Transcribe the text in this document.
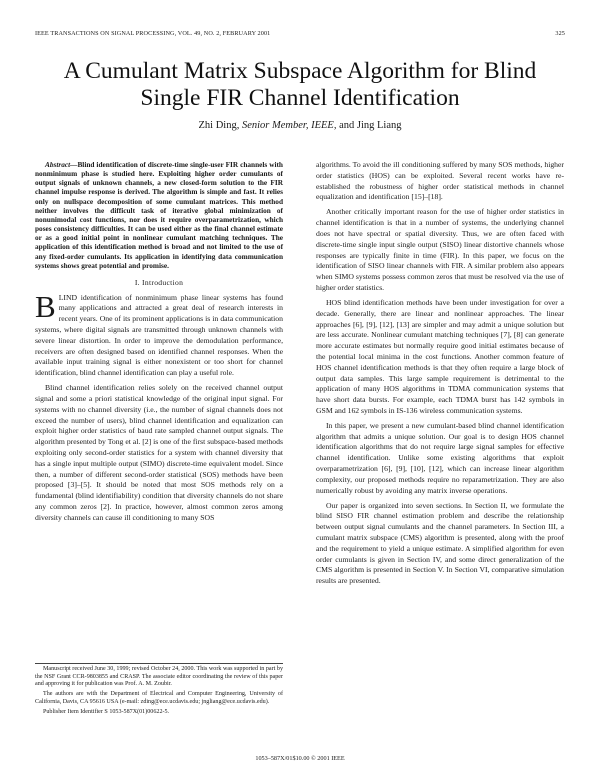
IEEE TRANSACTIONS ON SIGNAL PROCESSING, VOL. 49, NO. 2, FEBRUARY 2001	325
A Cumulant Matrix Subspace Algorithm for Blind
Single FIR Channel Identification
Zhi Ding, Senior Member, IEEE, and Jing Liang
Abstract—Blind identification of discrete-time single-user FIR channels with nonminimum phase is studied here. Exploiting higher order cumulants of output signals of unknown channels, a new closed-form solution to the FIR channel impulse response is derived. The algorithm is simple and fast. It relies only on nullspace decomposition of some cumulant matrices. This method neither involves the difficult task of iterative global minimization of nonunimodal cost functions, nor does it require overparametrization, which poses consistency difficulties. It can be used either as the final channel estimate or as a good initial point in nonlinear cumulant matching techniques. The application of this identification method is broad and not limited to the use of any fixed-order cumulants. Its application in identifying data communication systems shows great potential and promise.
I. Introduction

BLIND identification of nonminimum phase linear systems has found many applications and attracted a great deal of research interests in recent years. One of its prominent applications is in data communication systems, where digital signals are transmitted through unknown channels with severe linear distortion. In order to improve the demodulation performance, receivers are often designed based on identified channel responses. When the available input training signal is either nonexistent or too short for channel identification, blind channel identification can play a useful role.

Blind channel identification relies solely on the received channel output signal and some a priori statistical knowledge of the original input signal. For systems with no channel diversity (i.e., the number of signal channels does not exceed the number of users), blind channel identification and equalization can exploit higher order statistics of baud rate sampled channel output signals. The algorithm presented by Tong et al. [2] is one of the first subspace-based methods exploiting only second-order statistics for a system with channel diversity that has a single input multiple output (SIMO) discrete-time equivalent model. Since then, a number of different second-order statistical (SOS) methods have been proposed [3]–[5]. It should be noted that most SOS methods rely on a fundamental (blind identifiability) condition that diversity channels do not share any common zeros [2]. In practice, however, almost common zeros among diversity channels can cause ill conditioning to many SOS

Manuscript received June 30, 1999; revised October 24, 2000. This work was supported in part by the NSF Grant CCR-9803855 and CRASP. The associate editor coordinating the review of this paper and approving it for publication was Prof. A. M. Zoubir.

The authors are with the Department of Electrical and Computer Engineering, University of California, Davis, CA 95616 USA (e-mail: zding@ece.ucdavis.edu; jngliang@ece.ucdavis.edu).

Publisher Item Identifier S 1053-587X(01)00622-5.

algorithms. To avoid the ill conditioning suffered by many SOS methods, higher order statistics (HOS) can be exploited. Several recent works have re-established the robustness of higher order statistical methods in channel equalization and identification [15]–[18].

Another critically important reason for the use of higher order statistics in channel identification is that in a number of systems, the underlying channel does not have spectral or spatial diversity. Thus, we are often faced with discrete-time single input single output (SISO) linear distortive channels whose responses are typically finite in time (FIR). In this paper, we focus on the identification of SISO linear channels with FIR. A similar problem also appears when SIMO systems possess common zeros that must be resolved via the use of higher order statistics.

HOS blind identification methods have been under investigation for over a decade. Generally, there are linear and nonlinear approaches. The linear approaches [6], [9], [12], [13] are simpler and may admit a unique solution but are less accurate. Nonlinear cumulant matching techniques [7], [8] can generate more accurate estimates but normally require good initial estimates because of the potential local minima in the cost functions. Another common feature of HOS channel identification methods is that they often require a large block of output data samples. This large sample requirement is detrimental to the application of many HOS algorithms in TDMA communication systems that have short data bursts. For example, each TDMA burst has 142 symbols in GSM and 162 symbols in IS-136 wireless communication systems.

In this paper, we present a new cumulant-based blind channel identification algorithm that admits a unique solution. Our goal is to design HOS channel identification algorithms that do not require large signal samples for effective channel identification. Unlike some existing algorithms that exploit overparametrization [6], [9], [10], [12], which can increase linear algorithm complexity, our proposed methods require no reparametrization. They are also numerically robust by avoiding any matrix inverse operations.

Our paper is organized into seven sections. In Section II, we formulate the blind SISO FIR channel estimation problem and describe the relationship between output signal cumulants and the channel parameters. In Section III, a cumulant matrix subspace (CMS) algorithm is presented, along with the proof and the requirement to yield a unique estimate. A simplified algorithm for even order cumulants is given in Section IV, and some direct generalization of the CMS algorithm is presented in Section V. In Section VI, comparative simulation results are presented.

1053–587X/01$10.00 © 2001 IEEE
